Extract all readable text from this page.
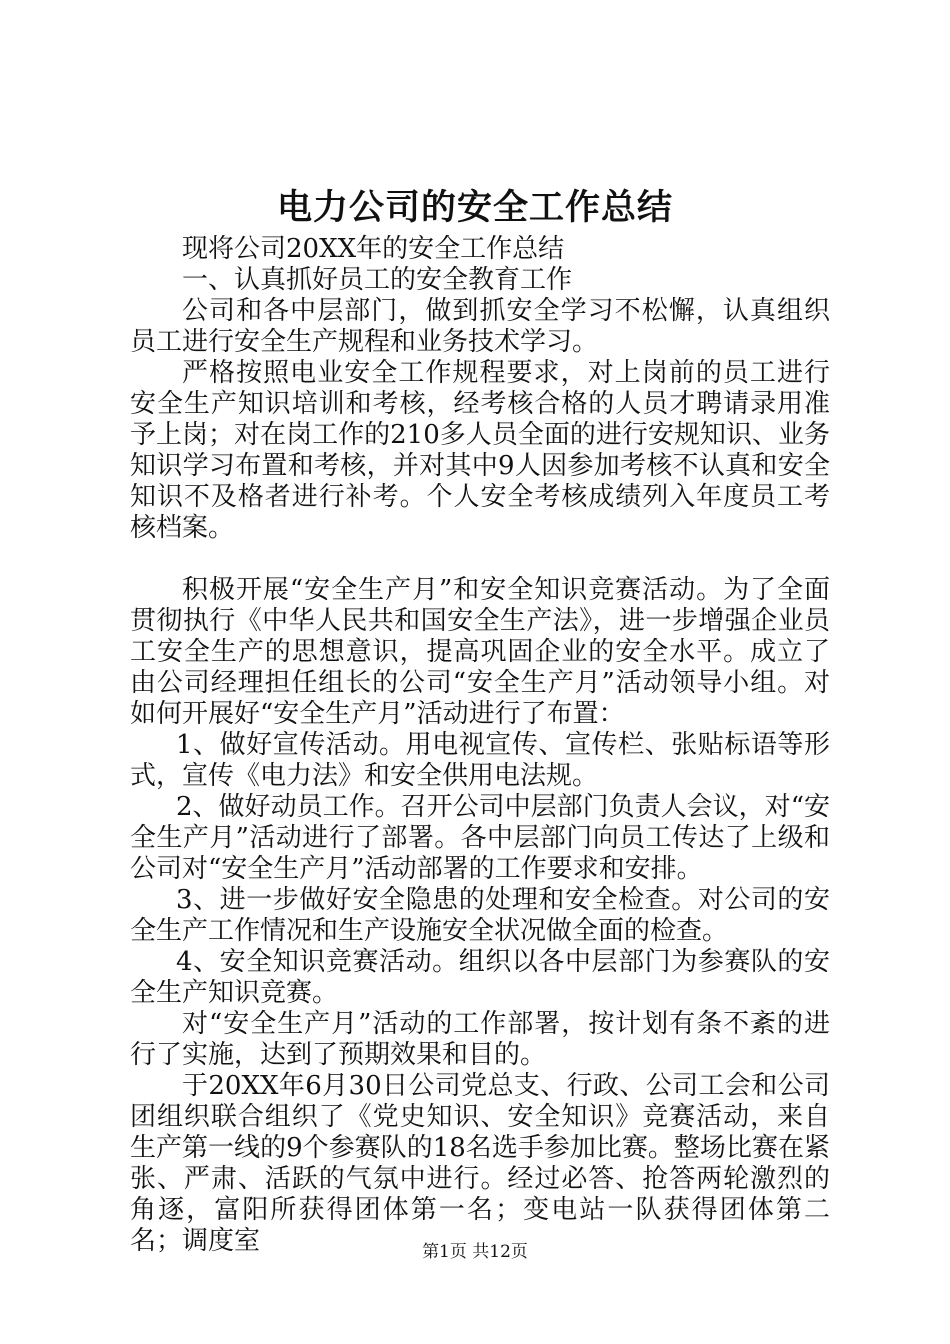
电力公司的安全工作总结

现将公司20XX年的安全工作总结

一、认真抓好员工的安全教育工作

公司和各中层部门，做到抓安全学习不松懈，认真组织员工进行安全生产规程和业务技术学习。

严格按照电业安全工作规程要求，对上岗前的员工进行安全生产知识培训和考核，经考核合格的人员才聘请录用准予上岗；对在岗工作的210多人员全面的进行安规知识、业务知识学习布置和考核，并对其中9人因参加考核不认真和安全知识不及格者进行补考。个人安全考核成绩列入年度员工考核档案。

积极开展“安全生产月”和安全知识竞赛活动。为了全面贯彻执行《中华人民共和国安全生产法》，进一步增强企业员工安全生产的思想意识，提高巩固企业的安全水平。成立了由公司经理担任组长的公司“安全生产月”活动领导小组。对如何开展好“安全生产月”活动进行了布置：

1、做好宣传活动。用电视宣传、宣传栏、张贴标语等形式，宣传《电力法》和安全供用电法规。

2、做好动员工作。召开公司中层部门负责人会议，对“安全生产月”活动进行了部署。各中层部门向员工传达了上级和公司对“安全生产月”活动部署的工作要求和安排。

3、进一步做好安全隐患的处理和安全检查。对公司的安全生产工作情况和生产设施安全状况做全面的检查。

4、安全知识竞赛活动。组织以各中层部门为参赛队的安全生产知识竞赛。

对“安全生产月”活动的工作部署，按计划有条不紊的进行了实施，达到了预期效果和目的。

于20XX年6月30日公司党总支、行政、公司工会和公司团组织联合组织了《党史知识、安全知识》竞赛活动，来自生产第一线的9个参赛队的18名选手参加比赛。整场比赛在紧张、严肃、活跃的气氛中进行。经过必答、抢答两轮激烈的角逐，富阳所获得团体第一名；变电站一队获得团体第二名；调度室	第1页 共12页
